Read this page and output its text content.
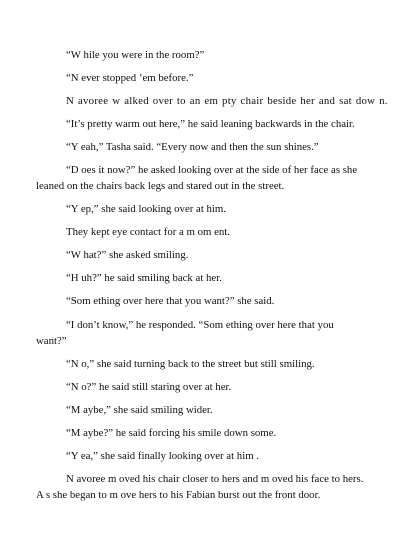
“W hile you were in the room?”

“N ever stopped ’em before.”

N avoree w alked over to an em pty chair beside her and sat dow n.

“It’s pretty warm out here,” he said leaning backwards in the chair.

“Y eah,” Tasha said. “Every now and then the sun shines.”

“D oes it now?” he asked looking over at the side of her face as she

leaned on the chairs back legs and stared out in the street.

“Y ep,” she said looking over at him.

They kept eye contact for a m om ent.

“W hat?” she asked smiling.

“H uh?” he said smiling back at her.

“Som ething over here that you want?” she said.

“I don’t know,” he responded. “Som ething over here that you

want?”

“N o,” she said turning back to the street but still smiling.

“N o?” he said still staring over at her.

“M aybe,” she said smiling wider.

“M aybe?” he said forcing his smile down some.

“Y ea,” she said finally looking over at him .

N avoree m oved his chair closer to hers and m oved his face to hers.

A s she began to m ove hers to his Fabian burst out the front door.
